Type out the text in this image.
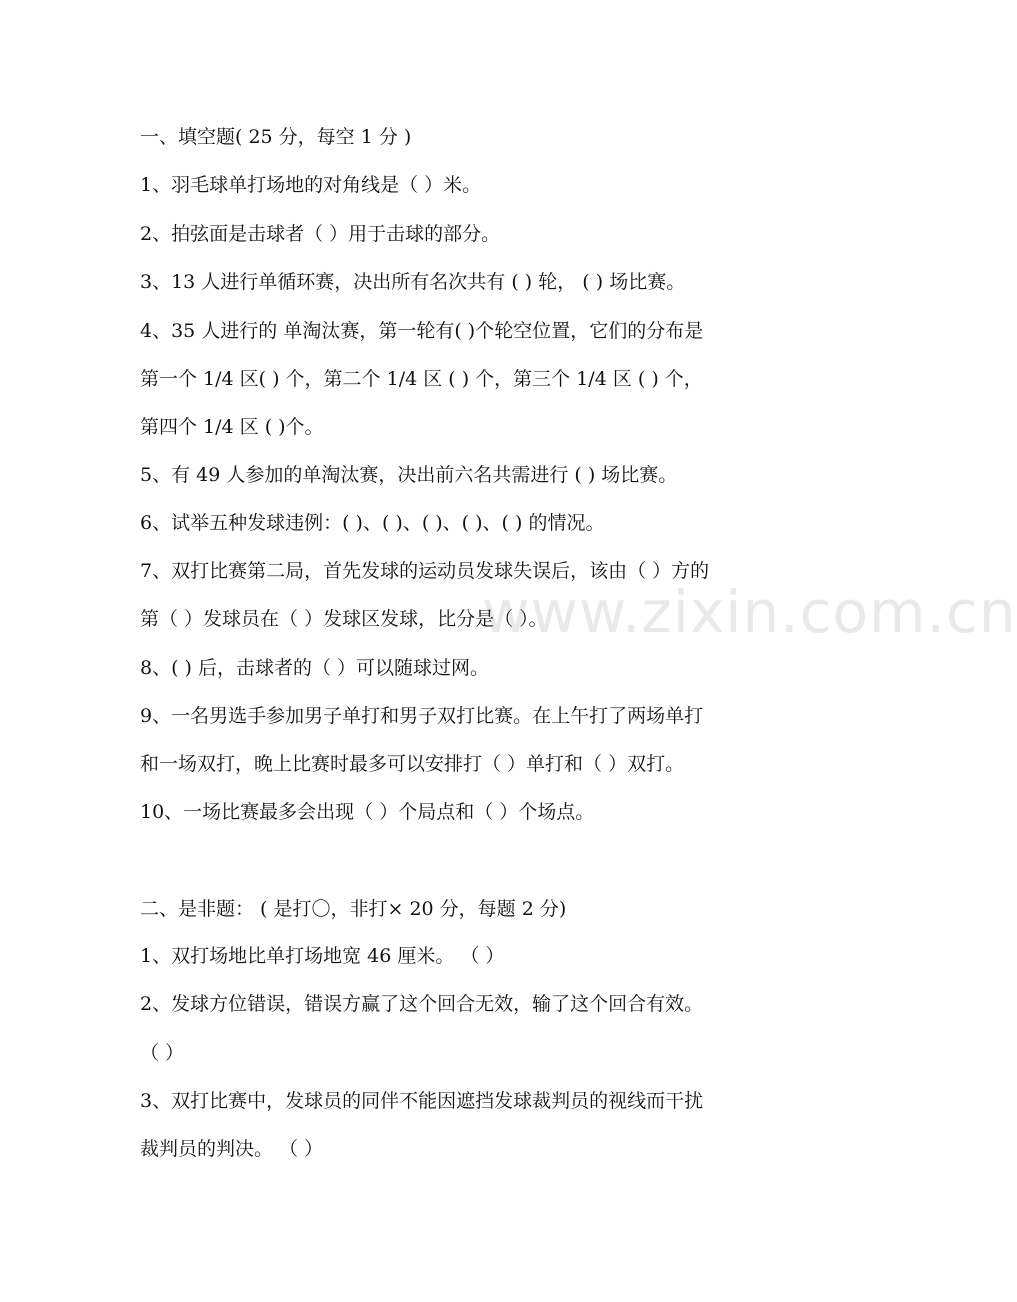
一、填空题( 25 分，每空 1 分 )
1、羽毛球单打场地的对角线是（ ）米。
2、拍弦面是击球者（ ）用于击球的部分。
3、13 人进行单循环赛，决出所有名次共有 ( ) 轮， ( ) 场比赛。
4、35 人进行的 单淘汰赛，第一轮有( )个轮空位置，它们的分布是
第一个 1/4 区( ) 个，第二个 1/4 区 ( ) 个，第三个 1/4 区 ( ) 个，
第四个 1/4 区 ( )个。
5、有 49 人参加的单淘汰赛，决出前六名共需进行 ( ) 场比赛。
6、试举五种发球违例：( )、( )、( )、( )、( ) 的情况。
7、双打比赛第二局，首先发球的运动员发球失误后，该由（ ）方的
第（ ）发球员在（ ）发球区发球，比分是（ ）。
8、( ) 后，击球者的（ ）可以随球过网。
9、一名男选手参加男子单打和男子双打比赛。在上午打了两场单打
和一场双打，晚上比赛时最多可以安排打（ ）单打和（ ）双打。
10、一场比赛最多会出现（ ）个局点和（ ）个场点。
二、是非题： ( 是打〇，非打× 20 分，每题 2 分)
1、双打场地比单打场地宽 46 厘米。 （ ）
2、发球方位错误，错误方赢了这个回合无效，输了这个回合有效。
（ ）
3、双打比赛中，发球员的同伴不能因遮挡发球裁判员的视线而干扰
裁判员的判决。 （ ）
www.zixin.com.cn
